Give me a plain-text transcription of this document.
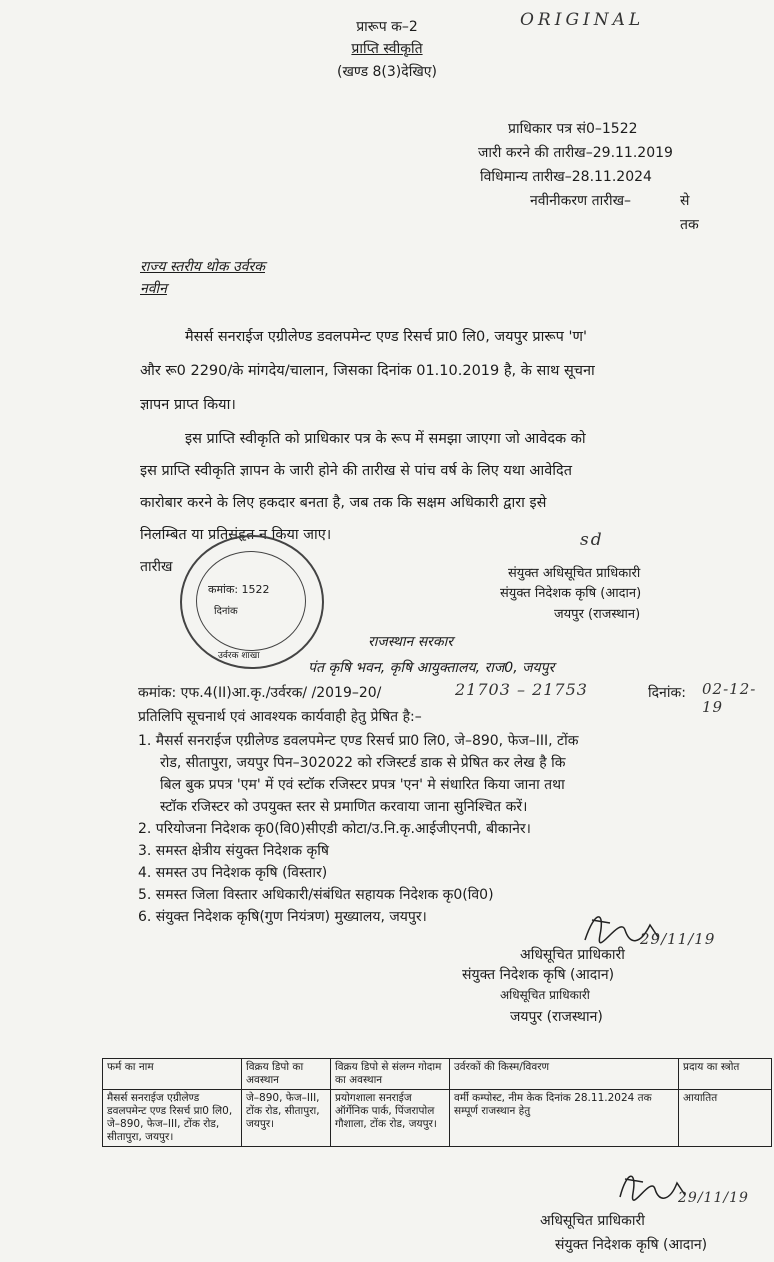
प्रारूप क–2
प्राप्ति स्वीकृति
(खण्ड 8(3)देखिए)
ORIGINAL
प्राधिकार पत्र सं0–1522
जारी करने की तारीख–29.11.2019
विधिमान्य तारीख–28.11.2024
नवीनीकरण तारीख–	से
तक
राज्य स्तरीय थोक उर्वरक
नवीन
मैसर्स सनराईज एग्रीलेण्ड डवलपमेन्ट एण्ड रिसर्च प्रा0 लि0, जयपुर प्रारूप 'ण'
और रू0 2290/के मांगदेय/चालान, जिसका दिनांक 01.10.2019 है, के साथ सूचना
ज्ञापन प्राप्त किया।
इस प्राप्ति स्वीकृति को प्राधिकार पत्र के रूप में समझा जाएगा जो आवेदक को
इस प्राप्ति स्वीकृति ज्ञापन के जारी होने की तारीख से पांच वर्ष के लिए यथा आवेदित
कारोबार करने के लिए हकदार बनता है, जब तक कि सक्षम अधिकारी द्वारा इसे
निलम्बित या प्रतिसंहृत न किया जाए।
तारीख
sd
संयुक्त अधिसूचित प्राधिकारी
संयुक्त निदेशक कृषि (आदान)
जयपुर (राजस्थान)
कमांक: 1522
दिनांक
उर्वरक शाखा
राजस्थान सरकार
पंत कृषि भवन, कृषि आयुक्तालय, राज0, जयपुर
कमांक: एफ.4(II)आ.कृ./उर्वरक/ /2019–20/	21703 – 21753	दिनांक: 02-12-19
प्रतिलिपि सूचनार्थ एवं आवश्यक कार्यवाही हेतु प्रेषित है:–
1. मैसर्स सनराईज एग्रीलेण्ड डवलपमेन्ट एण्ड रिसर्च प्रा0 लि0, जे–890, फेज–III, टोंक
रोड, सीतापुरा, जयपुर पिन–302022 को रजिस्टर्ड डाक से प्रेषित कर लेख है कि
बिल बुक प्रपत्र 'एम' में एवं स्टॉक रजिस्टर प्रपत्र 'एन' मे संधारित किया जाना तथा
स्टॉक रजिस्टर को उपयुक्त स्तर से प्रमाणित करवाया जाना सुनिश्चित करें।
2. परियोजना निदेशक कृ0(वि0)सीएडी कोटा/उ.नि.कृ.आईजीएनपी, बीकानेर।
3. समस्त क्षेत्रीय संयुक्त निदेशक कृषि
4. समस्त उप निदेशक कृषि (विस्तार)
5. समस्त जिला विस्तार अधिकारी/संबंधित सहायक निदेशक कृ0(वि0)
6. संयुक्त निदेशक कृषि(गुण नियंत्रण) मुख्यालय, जयपुर।
29/11/19
अधिसूचित प्राधिकारी
संयुक्त निदेशक कृषि (आदान)
अधिसूचित प्राधिकारी
जयपुर (राजस्थान)
फर्म का नाम	विक्रय डिपो का अवस्थान	विक्रय डिपो से संलग्न गोदाम का अवस्थान	उर्वरकों की किस्म/विवरण	प्रदाय का स्त्रोत
मैसर्स सनराईज एग्रीलेण्ड डवलपमेन्ट एण्ड रिसर्च प्रा0 लि0, जे–890, फेज–III, टोंक रोड, सीतापुरा, जयपुर।	जे–890, फेज–III, टोंक रोड, सीतापुरा, जयपुर।	प्रयोगशाला सनराईज ऑर्गेनिक पार्क, पिंजरापोल गौशाला, टोंक रोड, जयपुर।	वर्मी कम्पोस्ट, नीम केक दिनांक 28.11.2024 तक सम्पूर्ण राजस्थान हेतु	आयातित
29/11/19
अधिसूचित प्राधिकारी
संयुक्त निदेशक कृषि (आदान)
